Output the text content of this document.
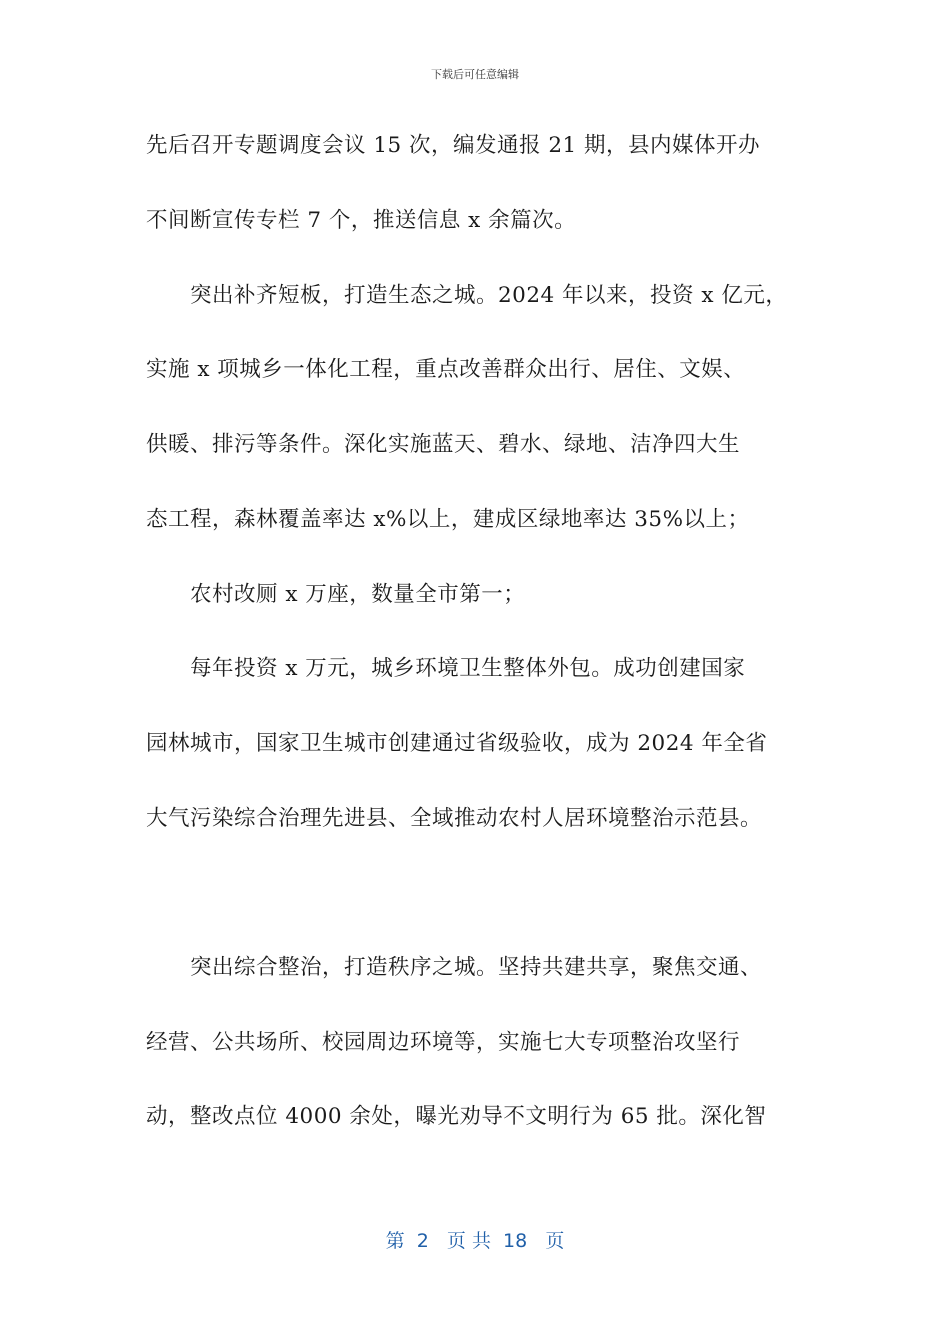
下载后可任意编辑
先后召开专题调度会议 15 次，编发通报 21 期，县内媒体开办
不间断宣传专栏 7 个，推送信息 x 余篇次。
　　突出补齐短板，打造生态之城。2024 年以来，投资 x 亿元，
实施 x 项城乡一体化工程，重点改善群众出行、居住、文娱、
供暖、排污等条件。深化实施蓝天、碧水、绿地、洁净四大生
态工程，森林覆盖率达 x%以上，建成区绿地率达 35%以上；
　　农村改厕 x 万座，数量全市第一；
　　每年投资 x 万元，城乡环境卫生整体外包。成功创建国家
园林城市，国家卫生城市创建通过省级验收，成为 2024 年全省
大气污染综合治理先进县、全域推动农村人居环境整治示范县。
　　突出综合整治，打造秩序之城。坚持共建共享，聚焦交通、
经营、公共场所、校园周边环境等，实施七大专项整治攻坚行
动，整改点位 4000 余处，曝光劝导不文明行为 65 批。深化智
第  2   页 共  18   页
